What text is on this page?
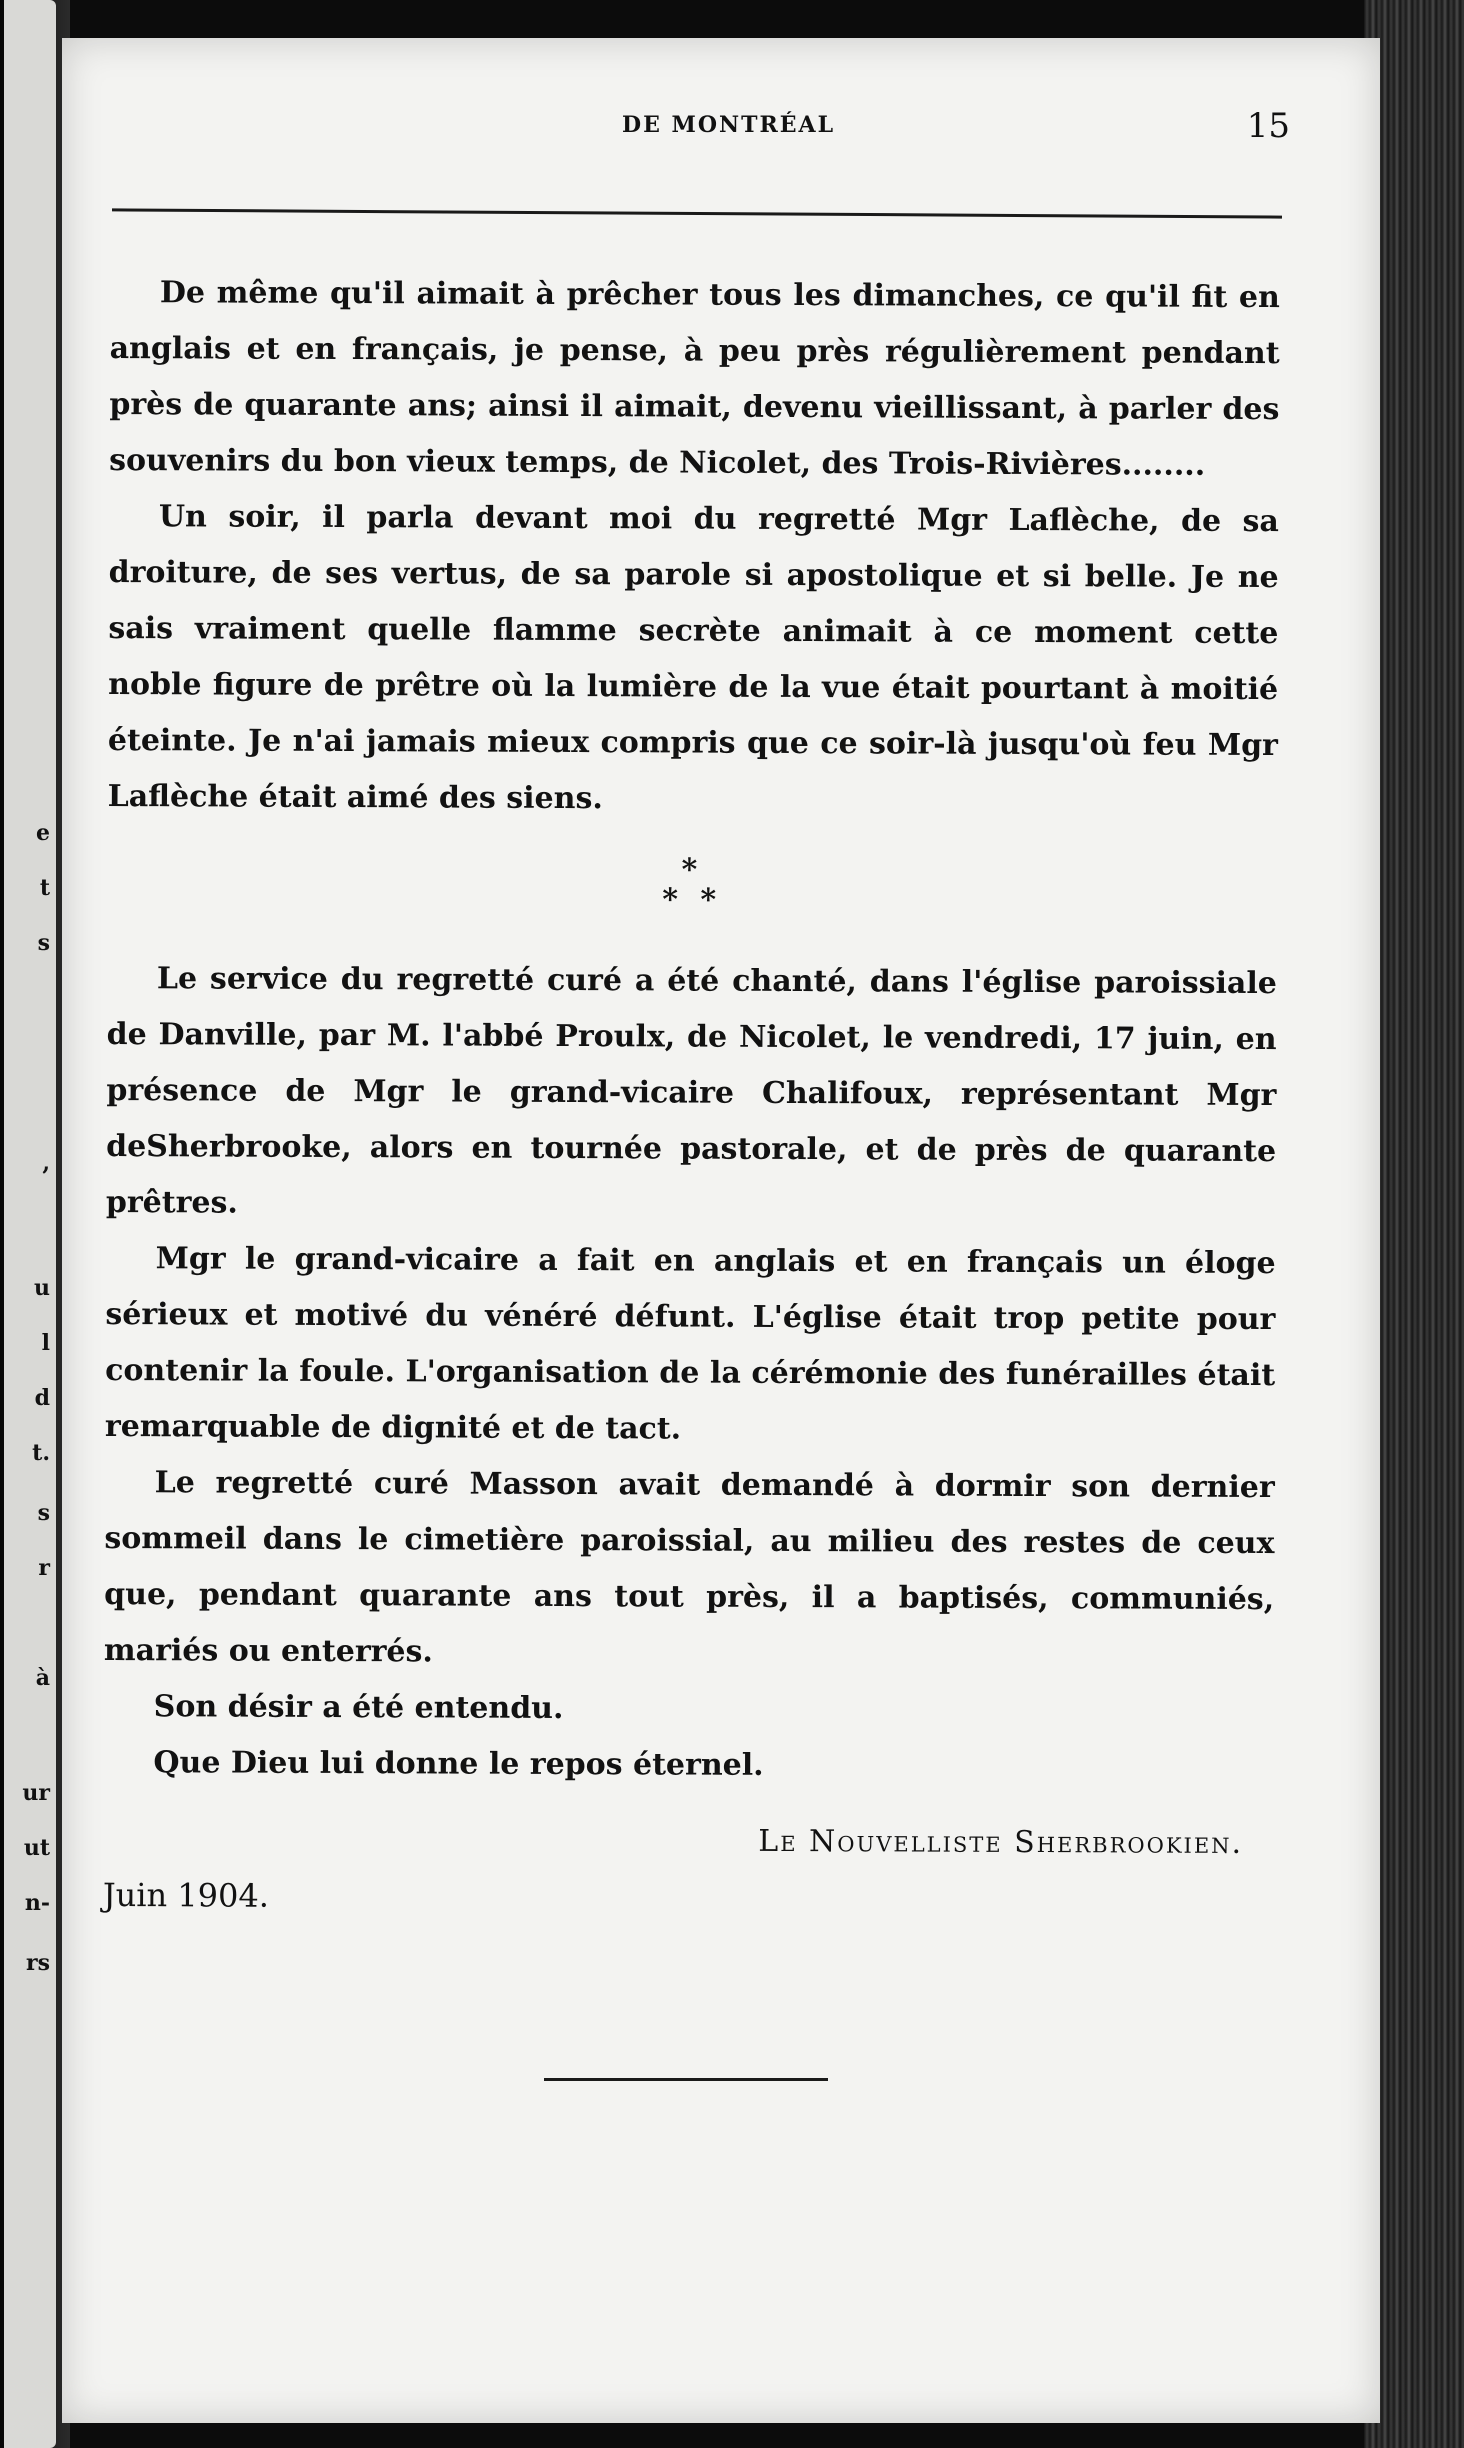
e
t
s
,
u
l
d
t.
s
r
à
ur
ut
n-
rs
DE MONTRÉAL	15

De même qu'il aimait à prêcher tous les dimanches, ce qu'il fit en anglais et en français, je pense, à peu près régulièrement pendant près de quarante ans; ainsi il aimait, devenu vieillissant, à parler des souvenirs du bon vieux temps, de Nicolet, des Trois-Rivières........

Un soir, il parla devant moi du regretté Mgr Laflèche, de sa droiture, de ses vertus, de sa parole si apostolique et si belle. Je ne sais vraiment quelle flamme secrète animait à ce moment cette noble figure de prêtre où la lumière de la vue était pourtant à moitié éteinte. Je n'ai jamais mieux compris que ce soir-là jusqu'où feu Mgr Laflèche était aimé des siens.

*
* *

Le service du regretté curé a été chanté, dans l'église paroissiale de Danville, par M. l'abbé Proulx, de Nicolet, le vendredi, 17 juin, en présence de Mgr le grand-vicaire Chalifoux, représentant Mgr deSherbrooke, alors en tournée pastorale, et de près de quarante prêtres.

Mgr le grand-vicaire a fait en anglais et en français un éloge sérieux et motivé du vénéré défunt. L'église était trop petite pour contenir la foule. L'organisation de la cérémonie des funérailles était remarquable de dignité et de tact.

Le regretté curé Masson avait demandé à dormir son dernier sommeil dans le cimetière paroissial, au milieu des restes de ceux que, pendant quarante ans tout près, il a baptisés, communiés, mariés ou enterrés.

Son désir a été entendu.

Que Dieu lui donne le repos éternel.

Le Nouvelliste Sherbrookien.

Juin 1904.
